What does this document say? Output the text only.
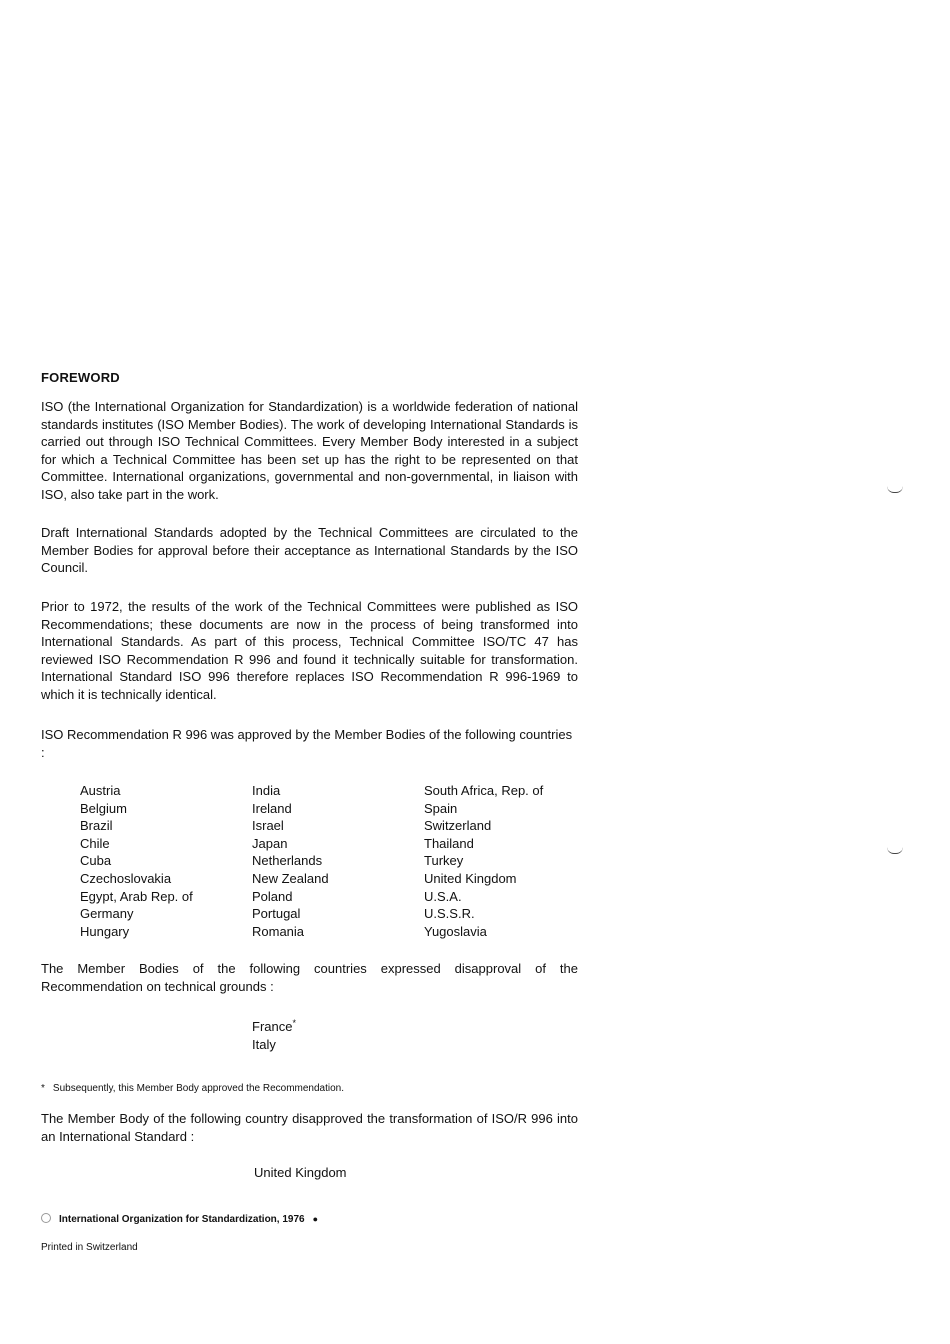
FOREWORD

ISO (the International Organization for Standardization) is a worldwide federation of national standards institutes (ISO Member Bodies). The work of developing International Standards is carried out through ISO Technical Committees. Every Member Body interested in a subject for which a Technical Committee has been set up has the right to be represented on that Committee. International organizations, governmental and non-governmental, in liaison with ISO, also take part in the work.

Draft International Standards adopted by the Technical Committees are circulated to the Member Bodies for approval before their acceptance as International Standards by the ISO Council.

Prior to 1972, the results of the work of the Technical Committees were published as ISO Recommendations; these documents are now in the process of being transformed into International Standards. As part of this process, Technical Committee ISO/TC 47 has reviewed ISO Recommendation R 996 and found it technically suitable for transformation. International Standard ISO 996 therefore replaces ISO Recommendation R 996-1969 to which it is technically identical.

ISO Recommendation R 996 was approved by the Member Bodies of the following countries :

Austria
Belgium
Brazil
Chile
Cuba
Czechoslovakia
Egypt, Arab Rep. of
Germany
Hungary
India
Ireland
Israel
Japan
Netherlands
New Zealand
Poland
Portugal
Romania
South Africa, Rep. of
Spain
Switzerland
Thailand
Turkey
United Kingdom
U.S.A.
U.S.S.R.
Yugoslavia

The Member Bodies of the following countries expressed disapproval of the Recommendation on technical grounds :

France*
Italy
* Subsequently, this Member Body approved the Recommendation.

The Member Body of the following country disapproved the transformation of ISO/R 996 into an International Standard :

United Kingdom
International Organization for Standardization, 1976 ●
Printed in Switzerland
